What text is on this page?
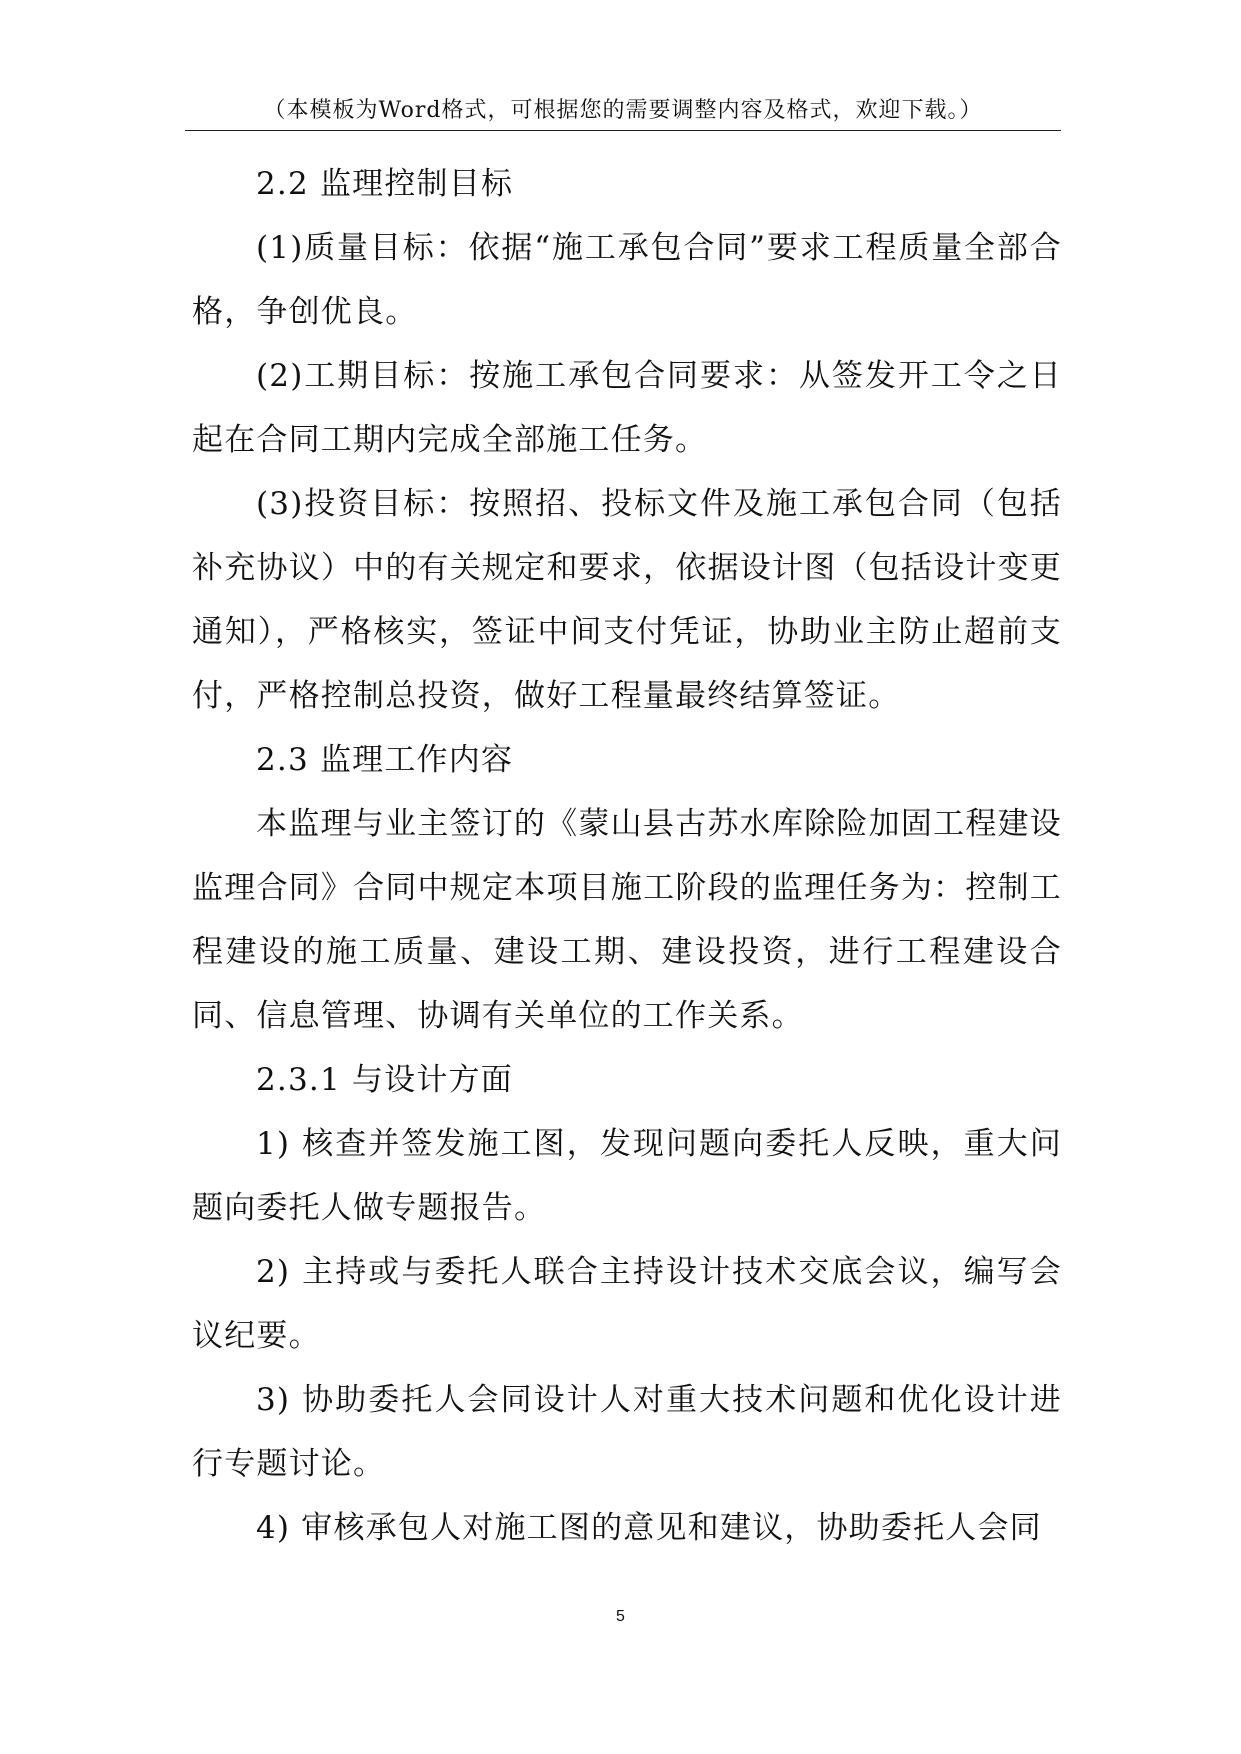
（本模板为Word格式，可根据您的需要调整内容及格式，欢迎下载。）

2.2 监理控制目标

(1)质量目标：依据“施工承包合同”要求工程质量全部合格，争创优良。

(2)工期目标：按施工承包合同要求：从签发开工令之日起在合同工期内完成全部施工任务。

(3)投资目标：按照招、投标文件及施工承包合同（包括补充协议）中的有关规定和要求，依据设计图（包括设计变更通知），严格核实，签证中间支付凭证，协助业主防止超前支付，严格控制总投资，做好工程量最终结算签证。

2.3 监理工作内容

本监理与业主签订的《蒙山县古苏水库除险加固工程建设监理合同》合同中规定本项目施工阶段的监理任务为：控制工程建设的施工质量、建设工期、建设投资，进行工程建设合同、信息管理、协调有关单位的工作关系。

2.3.1 与设计方面

1) 核查并签发施工图，发现问题向委托人反映，重大问题向委托人做专题报告。

2) 主持或与委托人联合主持设计技术交底会议，编写会议纪要。

3) 协助委托人会同设计人对重大技术问题和优化设计进行专题讨论。

4) 审核承包人对施工图的意见和建议，协助委托人会同

5
